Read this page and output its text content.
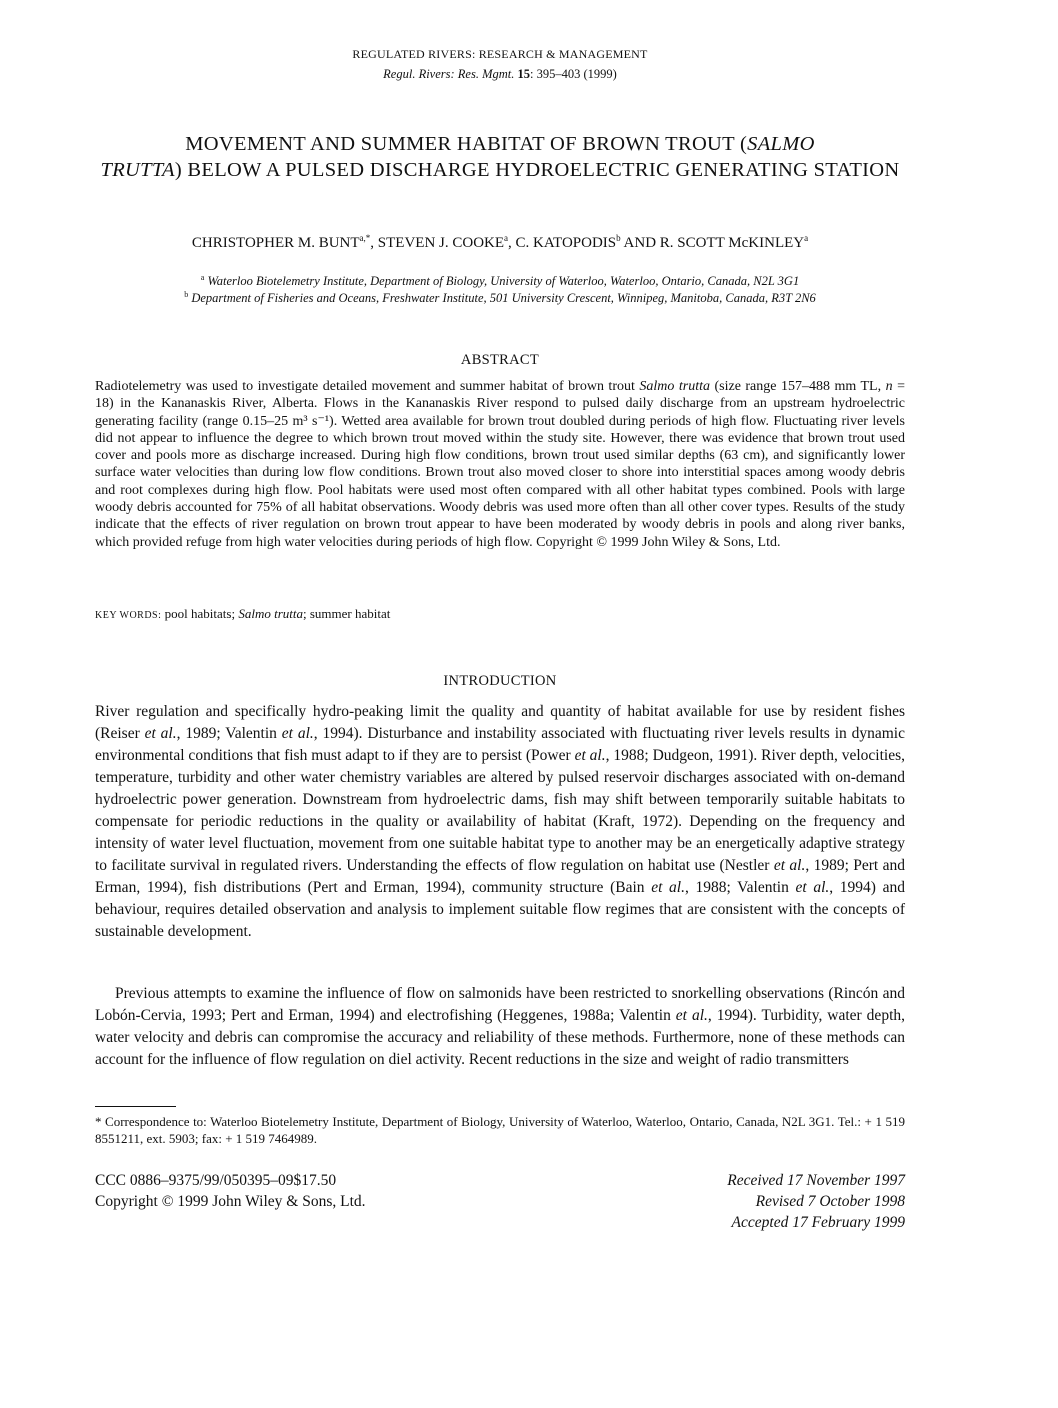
REGULATED RIVERS: RESEARCH & MANAGEMENT
Regul. Rivers: Res. Mgmt. 15: 395–403 (1999)
MOVEMENT AND SUMMER HABITAT OF BROWN TROUT (SALMO
TRUTTA) BELOW A PULSED DISCHARGE HYDROELECTRIC GENERATING STATION
CHRISTOPHER M. $BUNT^{a,*}$, STEVEN J. COOKE$^a$, C. KATOPODIS$^b$ AND R. SCOTT McKINLEY$^a$
$^a$ Waterloo Biotelemetry Institute, Department of Biology, University of Waterloo, Waterloo, Ontario, Canada, N2L 3G1
$^b$ Department of Fisheries and Oceans, Freshwater Institute, 501 University Crescent, Winnipeg, Manitoba, Canada, R3T 2N6
ABSTRACT

Radiotelemetry was used to investigate detailed movement and summer habitat of brown trout Salmo trutta (size range 157–488 mm TL, n = 18) in the Kananaskis River, Alberta. Flows in the Kananaskis River respond to pulsed daily discharge from an upstream hydroelectric generating facility (range 0.15–25 m³ s⁻¹). Wetted area available for brown trout doubled during periods of high flow. Fluctuating river levels did not appear to influence the degree to which brown trout moved within the study site. However, there was evidence that brown trout used cover and pools more as discharge increased. During high flow conditions, brown trout used similar depths (63 cm), and significantly lower surface water velocities than during low flow conditions. Brown trout also moved closer to shore into interstitial spaces among woody debris and root complexes during high flow. Pool habitats were used most often compared with all other habitat types combined. Pools with large woody debris accounted for 75% of all habitat observations. Woody debris was used more often than all other cover types. Results of the study indicate that the effects of river regulation on brown trout appear to have been moderated by woody debris in pools and along river banks, which provided refuge from high water velocities during periods of high flow. Copyright © 1999 John Wiley & Sons, Ltd.

KEY WORDS: pool habitats; Salmo trutta; summer habitat
INTRODUCTION

River regulation and specifically hydro-peaking limit the quality and quantity of habitat available for use by resident fishes (Reiser et al., 1989; Valentin et al., 1994). Disturbance and instability associated with fluctuating river levels results in dynamic environmental conditions that fish must adapt to if they are to persist (Power et al., 1988; Dudgeon, 1991). River depth, velocities, temperature, turbidity and other water chemistry variables are altered by pulsed reservoir discharges associated with on-demand hydroelectric power generation. Downstream from hydroelectric dams, fish may shift between temporarily suitable habitats to compensate for periodic reductions in the quality or availability of habitat (Kraft, 1972). Depending on the frequency and intensity of water level fluctuation, movement from one suitable habitat type to another may be an energetically adaptive strategy to facilitate survival in regulated rivers. Understanding the effects of flow regulation on habitat use (Nestler et al., 1989; Pert and Erman, 1994), fish distributions (Pert and Erman, 1994), community structure (Bain et al., 1988; Valentin et al., 1994) and behaviour, requires detailed observation and analysis to implement suitable flow regimes that are consistent with the concepts of sustainable development.

Previous attempts to examine the influence of flow on salmonids have been restricted to snorkelling observations (Rincón and Lobón-Cervia, 1993; Pert and Erman, 1994) and electrofishing (Heggenes, 1988a; Valentin et al., 1994). Turbidity, water depth, water velocity and debris can compromise the accuracy and reliability of these methods. Furthermore, none of these methods can account for the influence of flow regulation on diel activity. Recent reductions in the size and weight of radio transmitters

* Correspondence to: Waterloo Biotelemetry Institute, Department of Biology, University of Waterloo, Waterloo, Ontario, Canada, N2L 3G1. Tel.: + 1 519 8551211, ext. 5903; fax: + 1 519 7464989.

CCC 0886–9375/99/050395–09$17.50
Copyright © 1999 John Wiley & Sons, Ltd.
Received 17 November 1997
Revised 7 October 1998
Accepted 17 February 1999
